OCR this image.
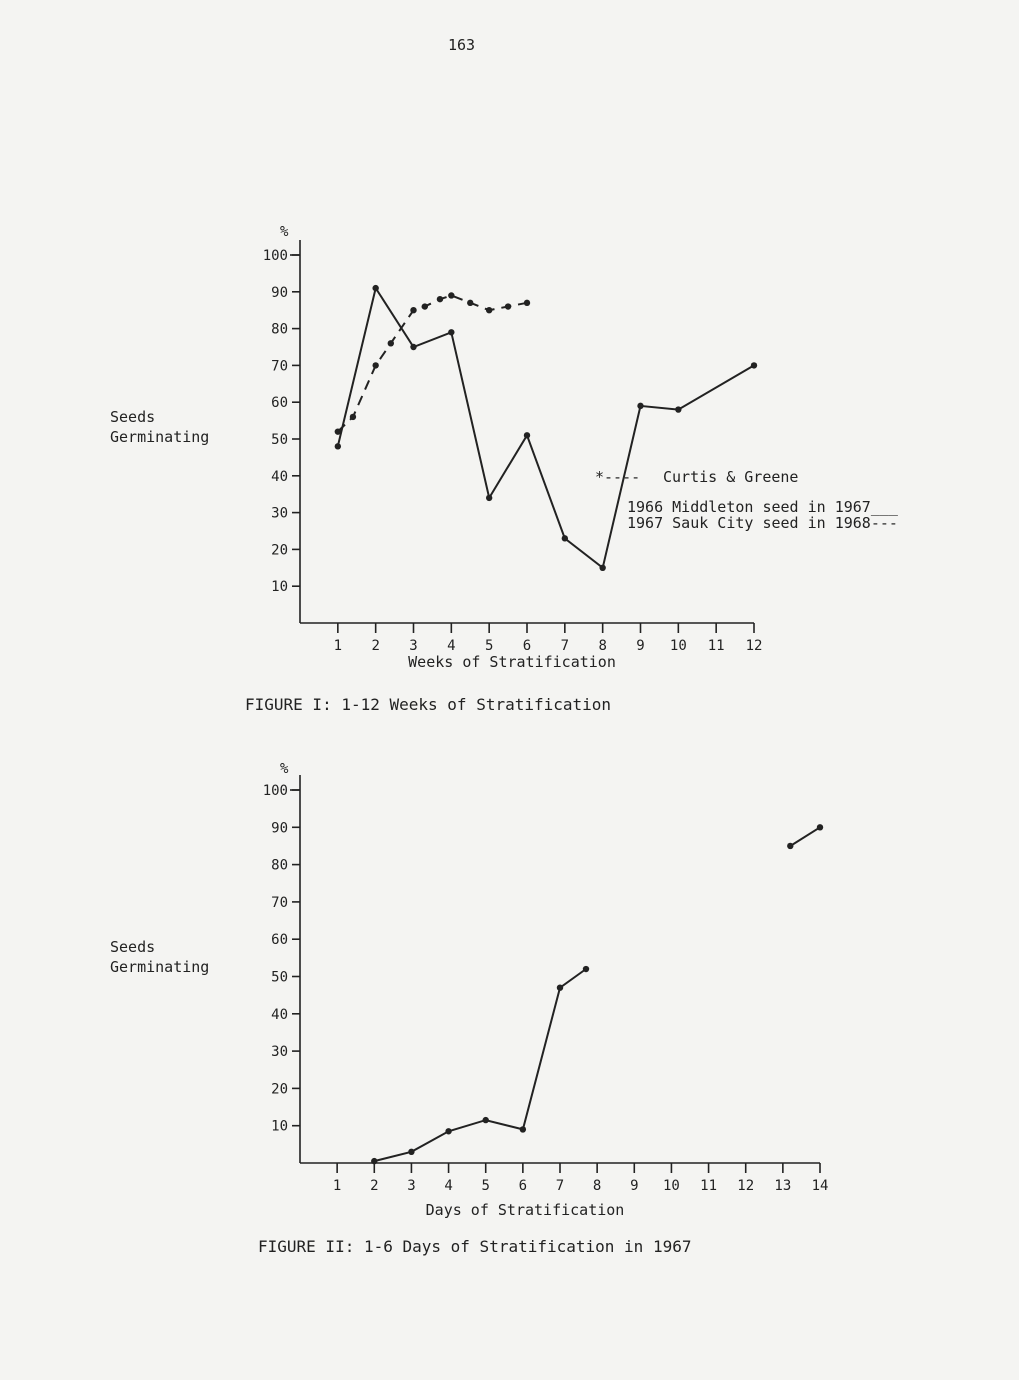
163
100
90
80
70
60
50
40
30
20
10
1 2 3 4 5 6 7 8 9 10 11 12
%
Seeds
Germinating
Weeks of Stratification
FIGURE I: 1-12 Weeks of Stratification
*---- Curtis & Greene
1966 Middleton seed in 1967___
1967 Sauk City seed in 1968---
100
90
80
70
60
50
40
30
20
10
1 2 3 4 5 6 7 8 9 10 11 12 13 14
%
Seeds
Germinating
Days of Stratification
FIGURE II: 1-6 Days of Stratification in 1967
